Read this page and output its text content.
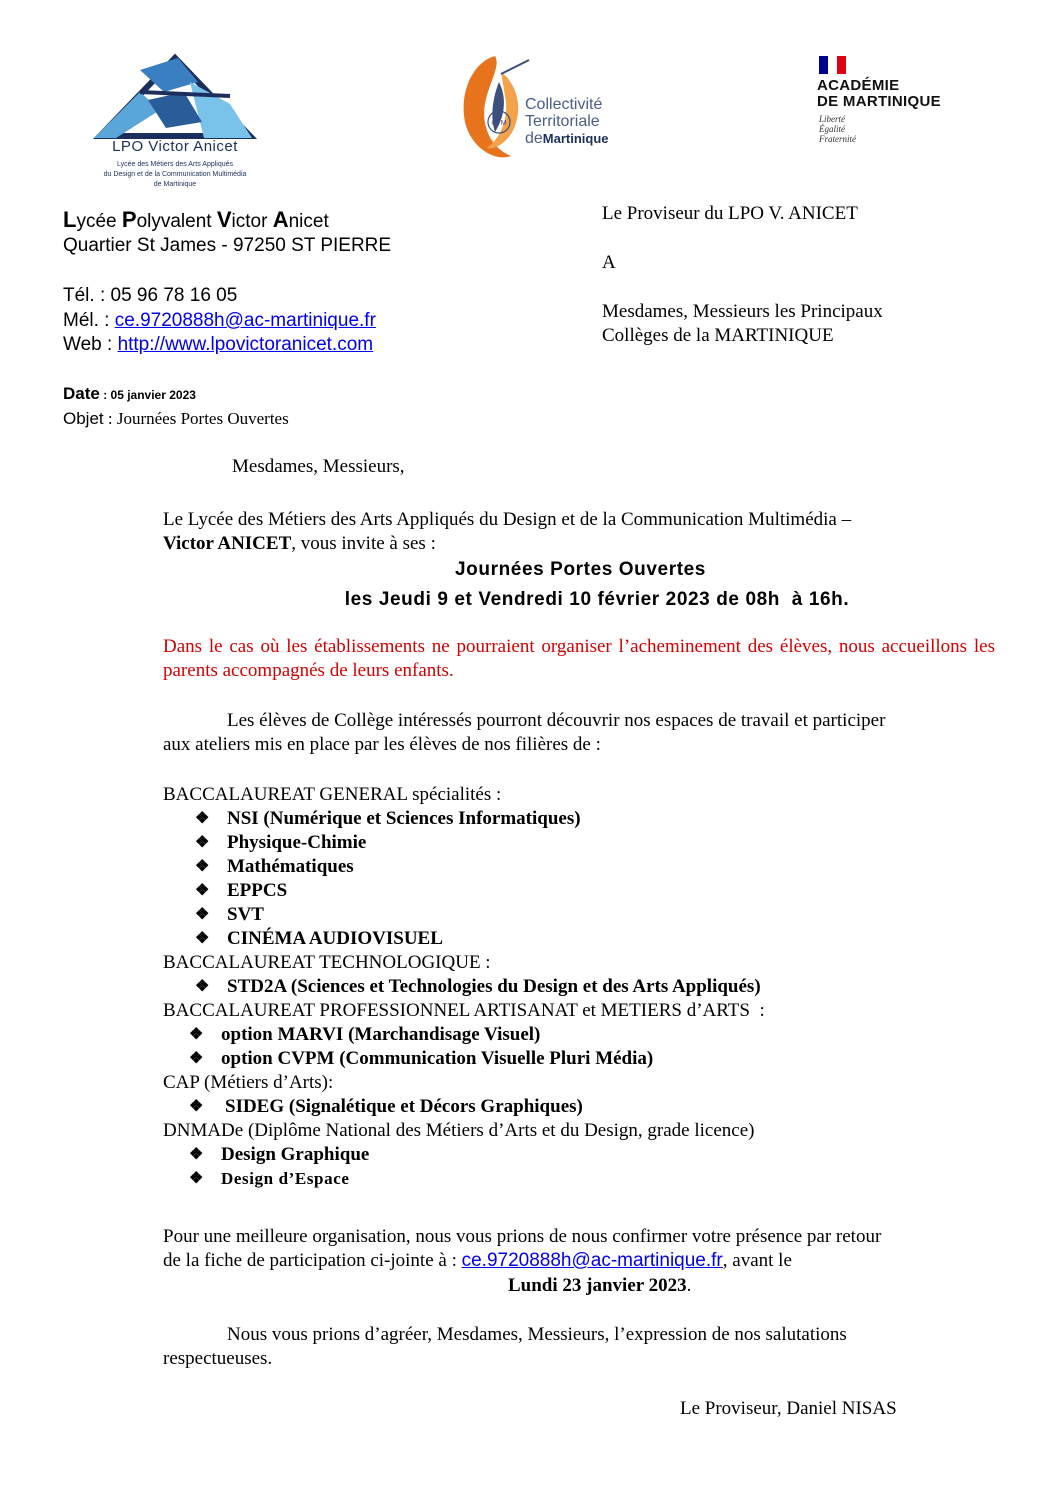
LPO Victor Anicet
Lycée des Métiers des Arts Appliqués
du Design et de la Communication Multimédia
de Martinique
CTM
Collectivité
Territoriale
deMartinique
ACADÉMIE
DE MARTINIQUE
Liberté
Égalité
Fraternité
Lycée Polyvalent Victor Anicet
Quartier St James - 97250 ST PIERRE
Tél. : 05 96 78 16 05
Mél. : ce.9720888h@ac-martinique.fr
Web : http://www.lpovictoranicet.com
Date : 05 janvier 2023
Objet : Journées Portes Ouvertes
Le Proviseur du LPO V. ANICET
A
Mesdames, Messieurs les Principaux
Collèges de la MARTINIQUE
Mesdames, Messieurs,
Le Lycée des Métiers des Arts Appliqués du Design et de la Communication Multimédia –
Victor ANICET, vous invite à ses :
Journées Portes Ouvertes
les Jeudi 9 et Vendredi 10 février 2023 de 08h  à 16h.
Dans le cas où les établissements ne pourraient organiser l’acheminement des élèves, nous accueillons les parents accompagnés de leurs enfants.
Les élèves de Collège intéressés pourront découvrir nos espaces de travail et participer
aux ateliers mis en place par les élèves de nos filières de :
BACCALAUREAT GENERAL spécialités :
❖ NSI (Numérique et Sciences Informatiques)
❖ Physique-Chimie
❖ Mathématiques
❖ EPPCS
❖ SVT
❖ CINÉMA AUDIOVISUEL
BACCALAUREAT TECHNOLOGIQUE :
❖ STD2A (Sciences et Technologies du Design et des Arts Appliqués)
BACCALAUREAT PROFESSIONNEL ARTISANAT et METIERS d’ARTS  :
❖ option MARVI (Marchandisage Visuel)
❖ option CVPM (Communication Visuelle Pluri Média)
CAP (Métiers d’Arts):
❖ SIDEG (Signalétique et Décors Graphiques)
DNMADe (Diplôme National des Métiers d’Arts et du Design, grade licence)
❖ Design Graphique
❖ Design d’Espace
Pour une meilleure organisation, nous vous prions de nous confirmer votre présence par retour
de la fiche de participation ci-jointe à : ce.9720888h@ac-martinique.fr, avant le
Lundi 23 janvier 2023.
Nous vous prions d’agréer, Mesdames, Messieurs, l’expression de nos salutations
respectueuses.
Le Proviseur, Daniel NISAS
